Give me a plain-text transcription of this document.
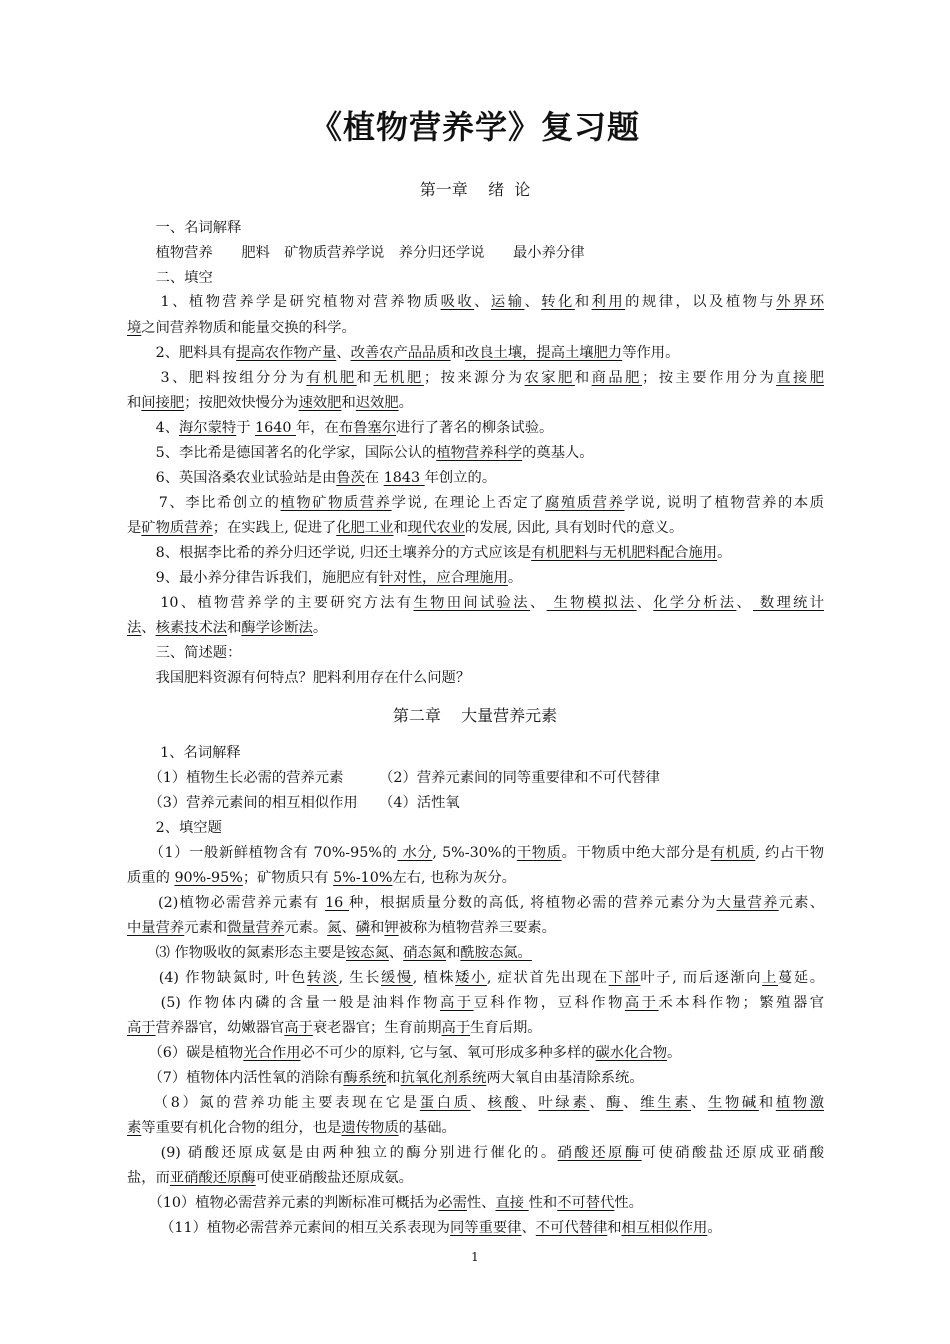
《植物营养学》复习题
第一章    绪  论
　　一、名词解释
　　植物营养　　肥料　矿物质营养学说　养分归还学说　　最小养分律
　　二、填空
　　1、植物营养学是研究植物对营养物质吸收、运输、转化和利用的规律，以及植物与外界环
境之间营养物质和能量交换的科学。
　　2、肥料具有提高农作物产量、改善农产品品质和改良土壤，提高土壤肥力等作用。
　　3、肥料按组分分为有机肥和无机肥；按来源分为农家肥和商品肥；按主要作用分为直接肥
和间接肥；按肥效快慢分为速效肥和迟效肥。
　　4、海尔蒙特于 1640 年，在布鲁塞尔进行了著名的柳条试验。
　　5、李比希是德国著名的化学家，国际公认的植物营养科学的奠基人。
　　6、英国洛桑农业试验站是由鲁茨在 1843 年创立的。
　　7、李比希创立的植物矿物质营养学说, 在理论上否定了腐殖质营养学说, 说明了植物营养的本质
是矿物质营养；在实践上, 促进了化肥工业和现代农业的发展, 因此, 具有划时代的意义。
　　8、根据李比希的养分归还学说, 归还土壤养分的方式应该是有机肥料与无机肥料配合施用。
　　9、最小养分律告诉我们，施肥应有针对性，应合理施用。
　　10、植物营养学的主要研究方法有生物田间试验法、 生物模拟法、化学分析法、 数理统计
法、核素技术法和酶学诊断法。
　　三、简述题：
　　我国肥料资源有何特点？肥料利用存在什么问题？
第二章    大量营养元素
　　 1、名词解释
　　（1）植物生长必需的营养元素　　　（2）营养元素间的同等重要律和不可代替律
　　（3）营养元素间的相互相似作用　　（4）活性氧
　　2、填空题
　　（1）一般新鲜植物含有 70%-95%的 水分, 5%-30%的干物质。干物质中绝大部分是有机质, 约占干物
质重的 90%-95%；矿物质只有 5%-10%左右, 也称为灰分。
　　(2)植物必需营养元素有 16 种，根据质量分数的高低, 将植物必需的营养元素分为大量营养元素、
中量营养元素和微量营养元素。氮、磷和钾被称为植物营养三要素。
　　⑶ 作物吸收的氮素形态主要是铵态氮、硝态氮和酰胺态氮。
　　(4) 作物缺氮时, 叶色转淡, 生长缓慢, 植株矮小, 症状首先出现在下部叶子, 而后逐渐向上蔓延。
　　(5) 作物体内磷的含量一般是油料作物高于豆科作物，豆科作物高于禾本科作物；繁殖器官
高于营养器官，幼嫩器官高于衰老器官；生育前期高于生育后期。
　　（6）碳是植物光合作用必不可少的原料, 它与氢、氧可形成多种多样的碳水化合物。
　　（7）植物体内活性氧的消除有酶系统和抗氧化剂系统两大氧自由基清除系统。
　　（8）氮的营养功能主要表现在它是蛋白质、核酸、叶绿素、酶、维生素、生物碱和植物激
素等重要有机化合物的组分，也是遗传物质的基础。
　　(9) 硝酸还原成氨是由两种独立的酶分别进行催化的。硝酸还原酶可使硝酸盐还原成亚硝酸
盐，而亚硝酸还原酶可使亚硝酸盐还原成氨。
　　（10）植物必需营养元素的判断标准可概括为必需性、直接 性和不可替代性。
　　 （11）植物必需营养元素间的相互关系表现为同等重要律、不可代替律和相互相似作用。
1
